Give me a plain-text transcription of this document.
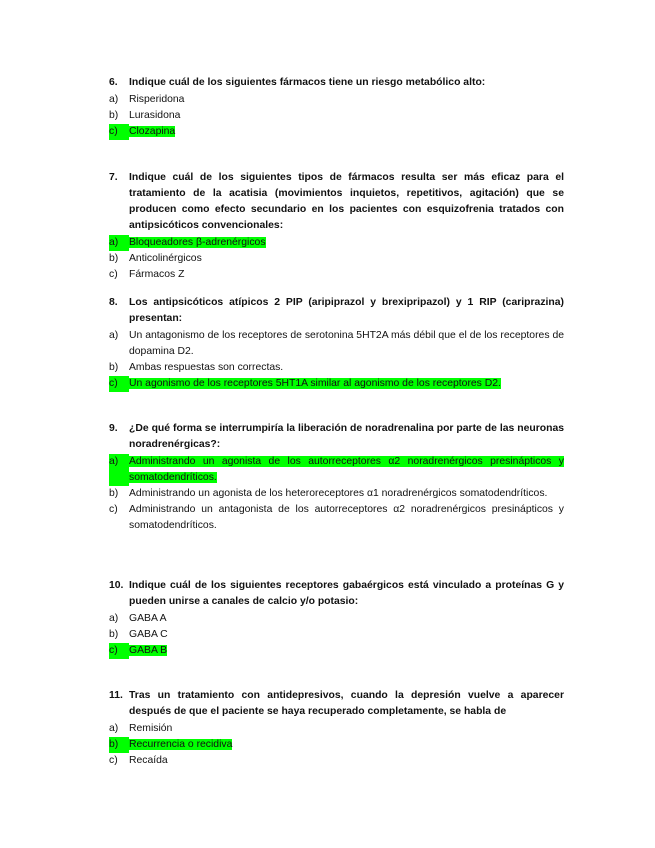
6.	Indique cuál de los siguientes fármacos tiene un riesgo metabólico alto:
a)	Risperidona
b)	Lurasidona
c)	Clozapina
7.	Indique cuál de los siguientes tipos de fármacos resulta ser más eficaz para el tratamiento de la acatisia (movimientos inquietos, repetitivos, agitación) que se producen como efecto secundario en los pacientes con esquizofrenia tratados con antipsicóticos convencionales:
a)	Bloqueadores β-adrenérgicos
b)	Anticolinérgicos
c)	Fármacos Z
8.	Los antipsicóticos atípicos 2 PIP (aripiprazol y brexipripazol) y 1 RIP (cariprazina) presentan:
a)	Un antagonismo de los receptores de serotonina 5HT2A más débil que el de los receptores de dopamina D2.
b)	Ambas respuestas son correctas.
c)	Un agonismo de los receptores 5HT1A similar al agonismo de los receptores D2.
9.	¿De qué forma se interrumpiría la liberación de noradrenalina por parte de las neuronas noradrenérgicas?:
a)	Administrando un agonista de los autorreceptores α2 noradrenérgicos presinápticos y somatodendríticos.
b)	Administrando un agonista de los heteroreceptores α1 noradrenérgicos somatodendríticos.
c)	Administrando un antagonista de los autorreceptores α2 noradrenérgicos presinápticos y somatodendríticos.
10. Indique cuál de los siguientes receptores gabaérgicos está vinculado a proteínas G y pueden unirse a canales de calcio y/o potasio:
a)	GABA A
b)	GABA C
c)	GABA B
11. Tras un tratamiento con antidepresivos, cuando la depresión vuelve a aparecer después de que el paciente se haya recuperado completamente, se habla de
a)	Remisión
b)	Recurrencia o recidiva
c)	Recaída
